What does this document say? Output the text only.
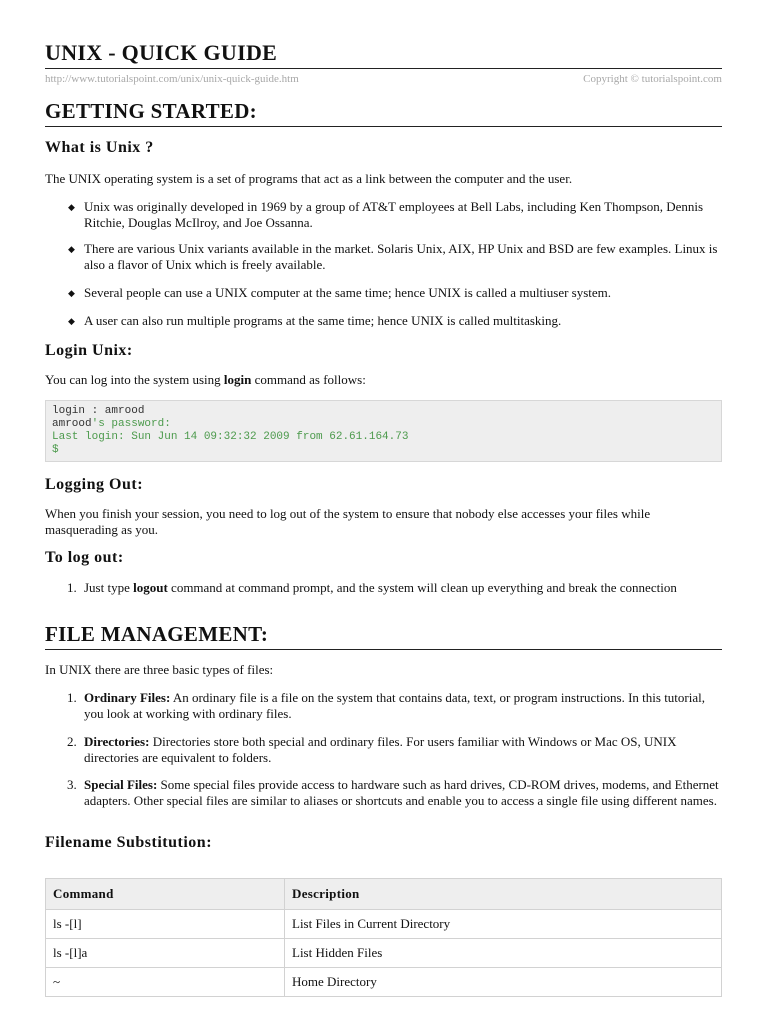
UNIX - QUICK GUIDE
http://www.tutorialspoint.com/unix/unix-quick-guide.htm	Copyright © tutorialspoint.com
GETTING STARTED:
What is Unix ?

The UNIX operating system is a set of programs that act as a link between the computer and the user.

◆ Unix was originally developed in 1969 by a group of AT&T employees at Bell Labs, including Ken Thompson, Dennis Ritchie, Douglas McIlroy, and Joe Ossanna.
◆ There are various Unix variants available in the market. Solaris Unix, AIX, HP Unix and BSD are few examples. Linux is also a flavor of Unix which is freely available.
◆ Several people can use a UNIX computer at the same time; hence UNIX is called a multiuser system.
◆ A user can also run multiple programs at the same time; hence UNIX is called multitasking.
Login Unix:

You can log into the system using login command as follows:

login : amrood
amrood's password:
Last login: Sun Jun 14 09:32:32 2009 from 62.61.164.73
$
Logging Out:

When you finish your session, you need to log out of the system to ensure that nobody else accesses your files while masquerading as you.

To log out:
1. Just type logout command at command prompt, and the system will clean up everything and break the connection
FILE MANAGEMENT:

In UNIX there are three basic types of files:

1. Ordinary Files: An ordinary file is a file on the system that contains data, text, or program instructions. In this tutorial, you look at working with ordinary files.
2. Directories: Directories store both special and ordinary files. For users familiar with Windows or Mac OS, UNIX directories are equivalent to folders.
3. Special Files: Some special files provide access to hardware such as hard drives, CD-ROM drives, modems, and Ethernet adapters. Other special files are similar to aliases or shortcuts and enable you to access a single file using different names.
Filename Substitution:
Command	Description
ls -[l]	List Files in Current Directory
ls -[l]a	List Hidden Files
~	Home Directory
